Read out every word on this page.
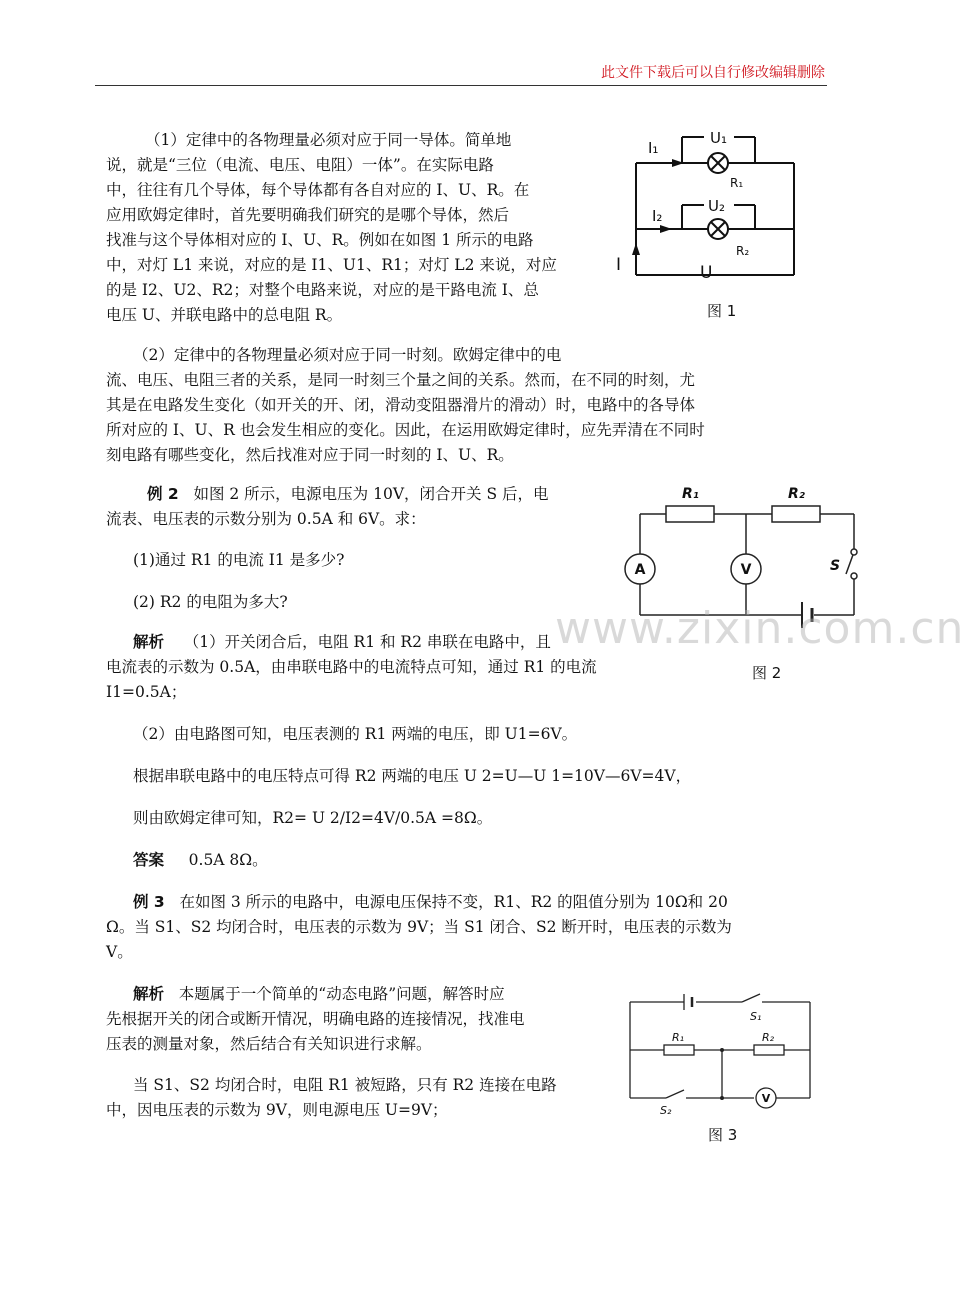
此文件下载后可以自行修改编辑删除

（1）定律中的各物理量必须对应于同一导体。简单地

说，就是“三位（电流、电压、电阻）一体”。在实际电路

中，往往有几个导体，每个导体都有各自对应的 I、U、R。在

应用欧姆定律时，首先要明确我们研究的是哪个导体，然后

找准与这个导体相对应的 I、U、R。例如在如图 1 所示的电路

中，对灯 L1 来说，对应的是 I1、U1、R1；对灯 L2 来说，对应

的是 I2、U2、R2；对整个电路来说，对应的是干路电流 I、总

电压 U、并联电路中的总电阻 R。

I₁
U₁
R₁
I₂
U₂
R₂
I	U
图 1

（2）定律中的各物理量必须对应于同一时刻。欧姆定律中的电

流、电压、电阻三者的关系，是同一时刻三个量之间的关系。然而，在不同的时刻，尤

其是在电路发生变化（如开关的开、闭，滑动变阻器滑片的滑动）时，电路中的各导体

所对应的 I、U、R 也会发生相应的变化。因此，在运用欧姆定律时，应先弄清在不同时

刻电路有哪些变化，然后找准对应于同一时刻的 I、U、R。

例 2 如图 2 所示，电源电压为 10V，闭合开关 S 后，电

流表、电压表的示数分别为 0.5A 和 6V。求：

(1)通过 R1 的电流 I1 是多少?

(2) R2 的电阻为多大?

解析 （1）开关闭合后，电阻 R1 和 R2 串联在电路中，且

电流表的示数为 0.5A，由串联电路中的电流特点可知，通过 R1 的电流

I1=0.5A；

（2）由电路图可知，电压表测的 R1 两端的电压，即 U1=6V。

根据串联电路中的电压特点可得 R2 两端的电压 U 2=U—U 1=10V—6V=4V，

则由欧姆定律可知，R2= U 2/I2=4V/0.5A =8Ω。

答案 0.5A 8Ω。

R₁	R₂
S
A	V
图 2
www.zixin.com.cn

例 3 在如图 3 所示的电路中，电源电压保持不变，R1、R2 的阻值分别为 10Ω和 20

Ω。当 S1、S2 均闭合时，电压表的示数为 9V；当 S1 闭合、S2 断开时，电压表的示数为

V。

解析 本题属于一个简单的“动态电路”问题，解答时应

先根据开关的闭合或断开情况，明确电路的连接情况，找准电

压表的测量对象，然后结合有关知识进行求解。

当 S1、S2 均闭合时，电阻 R1 被短路，只有 R2 连接在电路

中，因电压表的示数为 9V，则电源电压 U=9V；

S₁
R₁	R₂
S₂
V
图 3
